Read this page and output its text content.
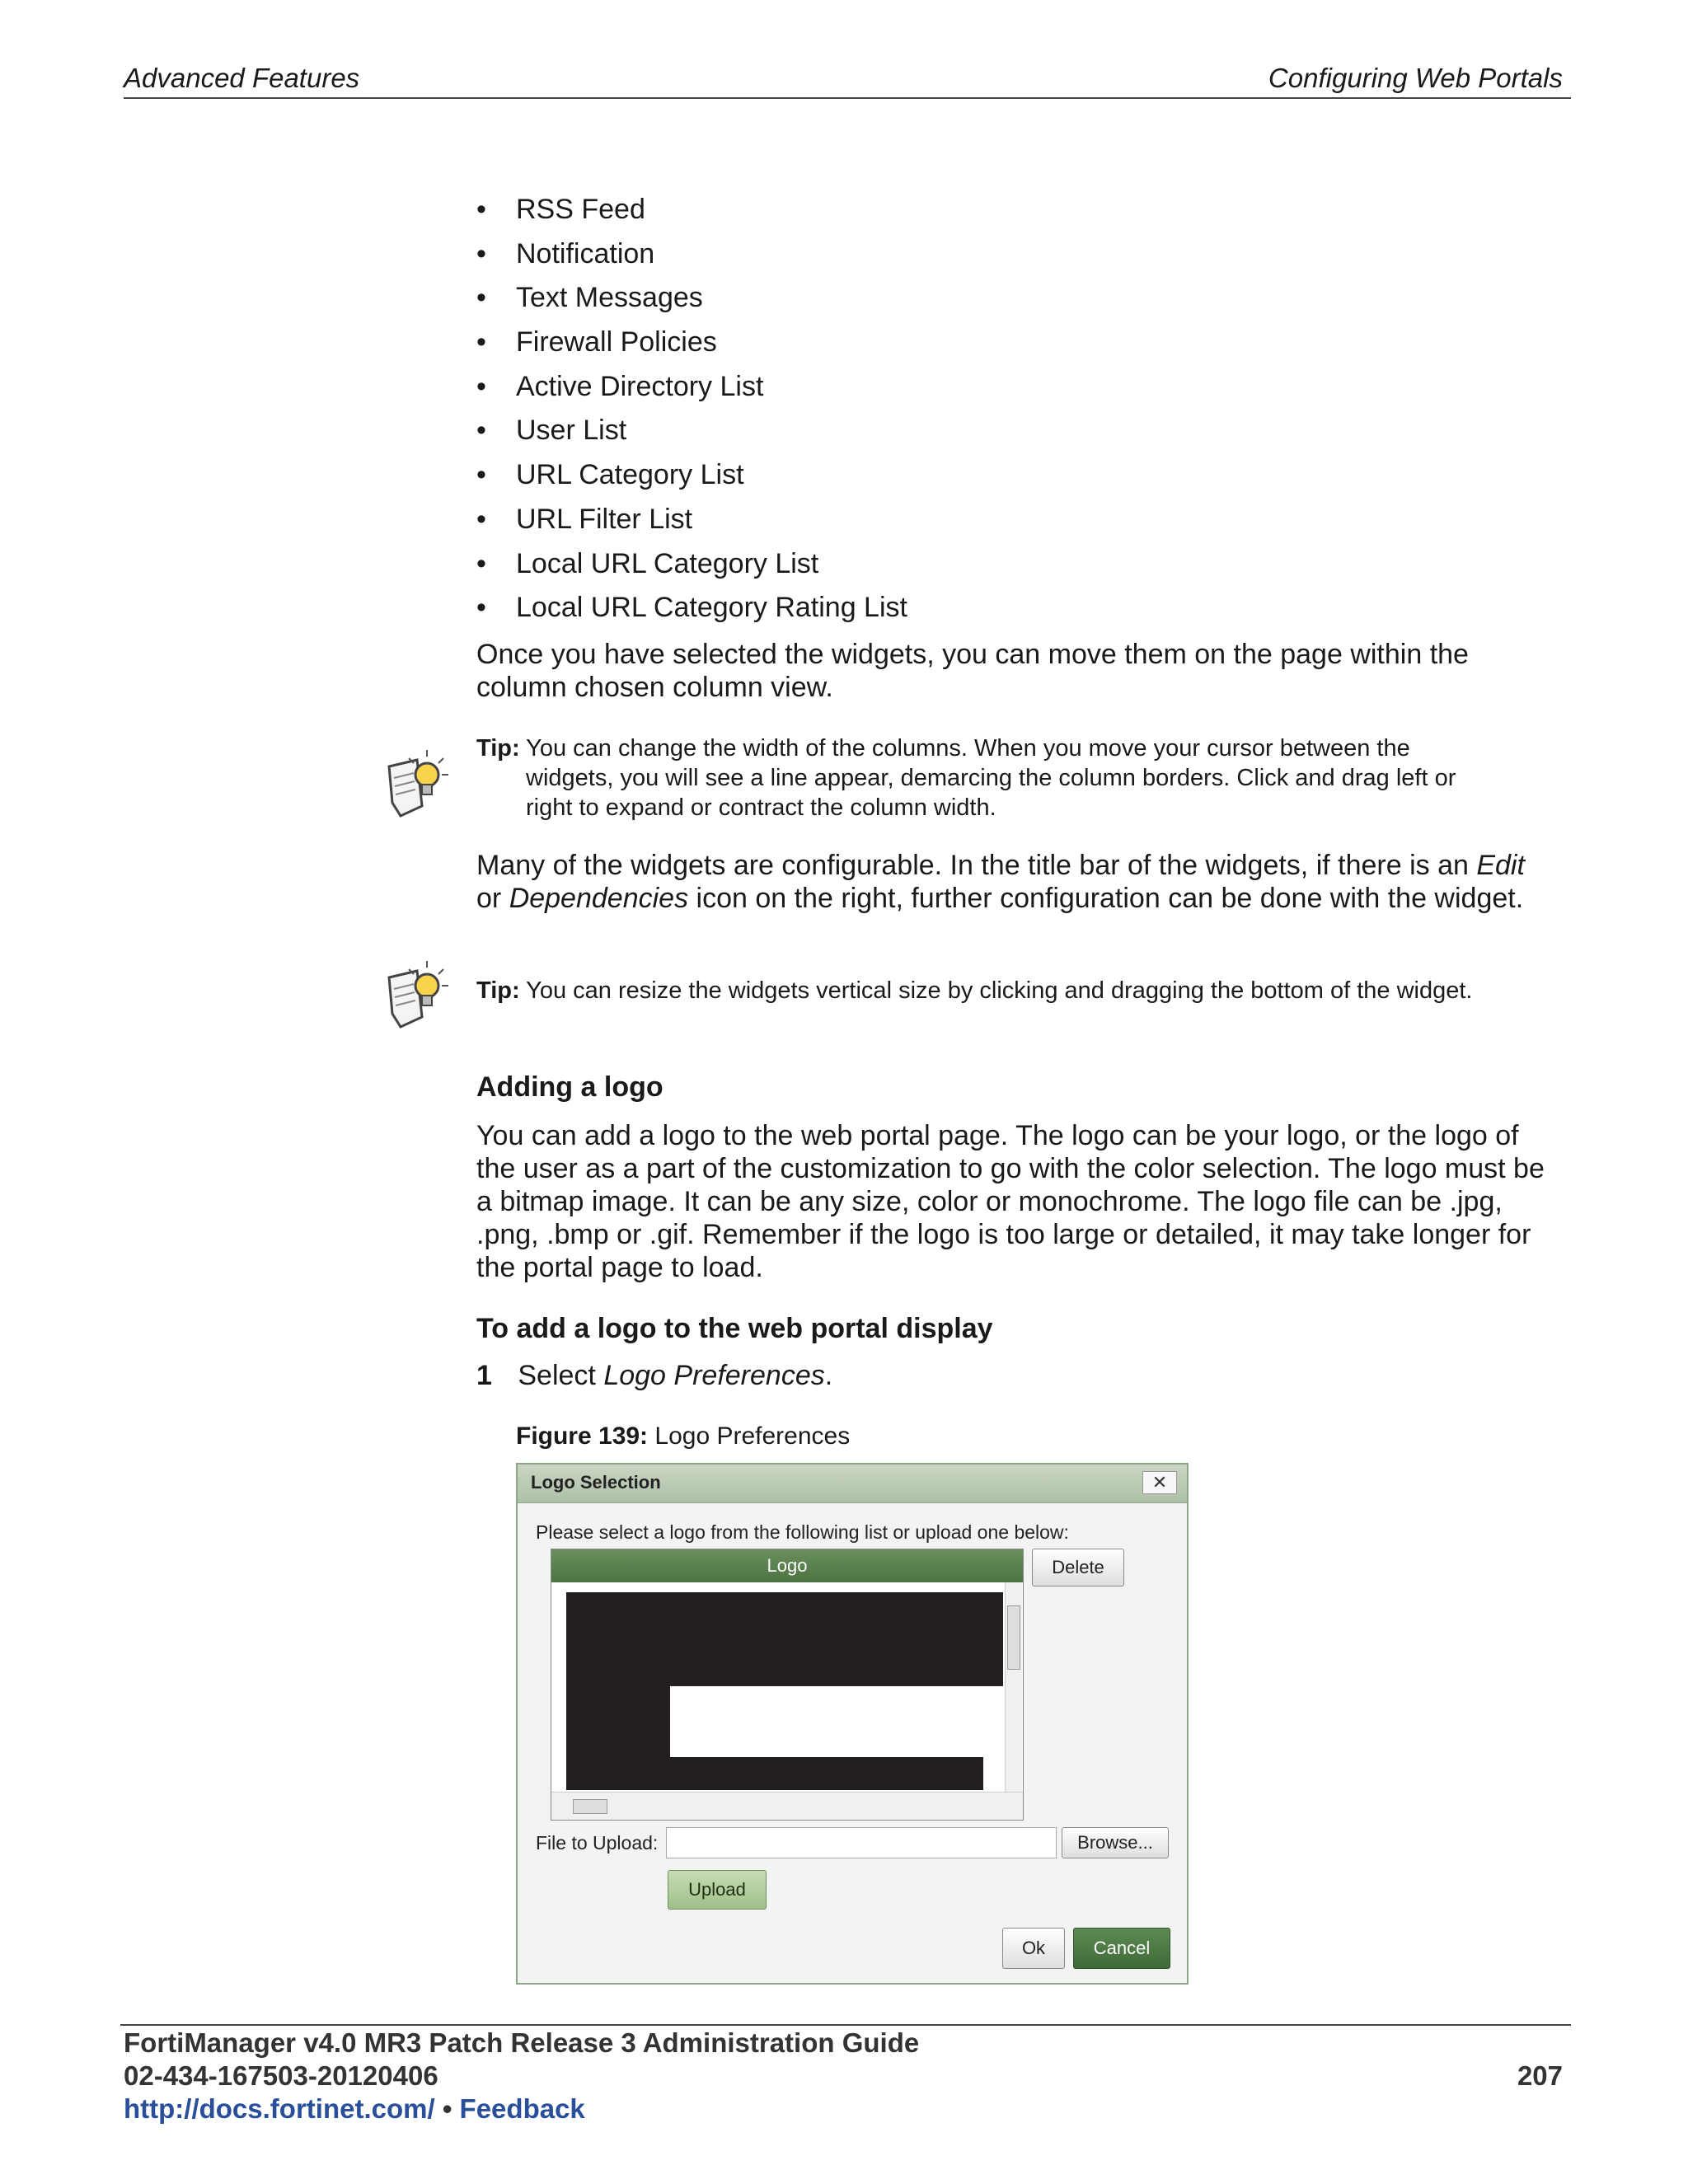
Advanced Features	Configuring Web Portals
• RSS Feed
• Notification
• Text Messages
• Firewall Policies
• Active Directory List
• User List
• URL Category List
• URL Filter List
• Local URL Category List
• Local URL Category Rating List
Once you have selected the widgets, you can move them on the page within the column chosen column view.
Tip: You can change the width of the columns. When you move your cursor between the
widgets, you will see a line appear, demarcing the column borders. Click and drag left or
right to expand or contract the column width.
Many of the widgets are configurable. In the title bar of the widgets, if there is an Edit
or Dependencies icon on the right, further configuration can be done with the widget.
Tip: You can resize the widgets vertical size by clicking and dragging the bottom of the widget.
Adding a logo
You can add a logo to the web portal page. The logo can be your logo, or the logo of the user as a part of the customization to go with the color selection. The logo must be a bitmap image. It can be any size, color or monochrome. The logo file can be .jpg, .png, .bmp or .gif. Remember if the logo is too large or detailed, it may take longer for the portal page to load.
To add a logo to the web portal display
1 Select Logo Preferences.
Figure 139: Logo Preferences
Logo Selection	✕
Please select a logo from the following list or upload one below:
Logo	Delete
File to Upload:	Browse...
Upload
Ok	Cancel
FortiManager v4.0 MR3 Patch Release 3 Administration Guide
02-434-167503-20120406	207
http://docs.fortinet.com/ • Feedback
